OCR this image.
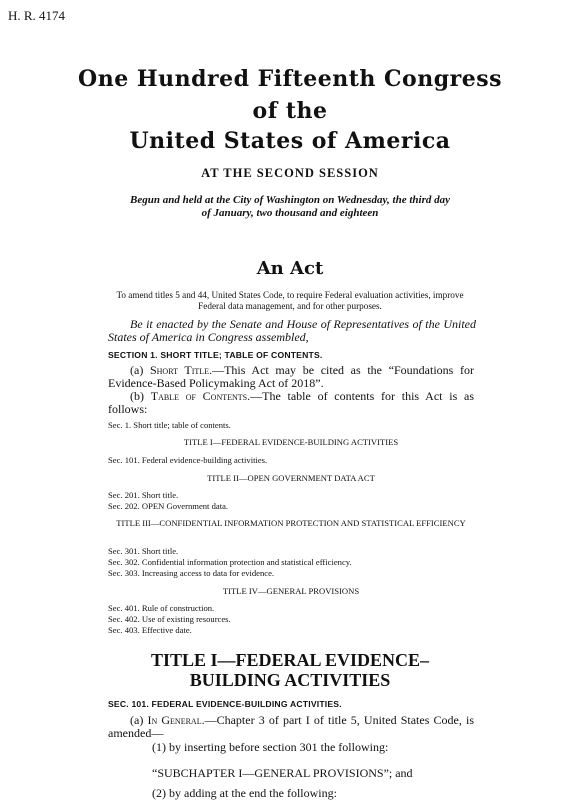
H. R. 4174
One Hundred Fifteenth Congress
of the
United States of America
AT THE SECOND SESSION
Begun and held at the City of Washington on Wednesday, the third day of January, two thousand and eighteen
An Act
To amend titles 5 and 44, United States Code, to require Federal evaluation activities, improve Federal data management, and for other purposes.
Be it enacted by the Senate and House of Representatives of the United States of America in Congress assembled,
SECTION 1. SHORT TITLE; TABLE OF CONTENTS.
(a) Short Title.—This Act may be cited as the “Foundations for Evidence-Based Policymaking Act of 2018”.
(b) Table of Contents.—The table of contents for this Act is as follows:
Sec. 1. Short title; table of contents.
TITLE I—FEDERAL EVIDENCE-BUILDING ACTIVITIES
Sec. 101. Federal evidence-building activities.
TITLE II—OPEN GOVERNMENT DATA ACT
Sec. 201. Short title.
Sec. 202. OPEN Government data.
TITLE III—CONFIDENTIAL INFORMATION PROTECTION AND STATISTICAL EFFICIENCY
Sec. 301. Short title.
Sec. 302. Confidential information protection and statistical efficiency.
Sec. 303. Increasing access to data for evidence.
TITLE IV—GENERAL PROVISIONS
Sec. 401. Rule of construction.
Sec. 402. Use of existing resources.
Sec. 403. Effective date.
TITLE I—FEDERAL EVIDENCE–
BUILDING ACTIVITIES
SEC. 101. FEDERAL EVIDENCE-BUILDING ACTIVITIES.
(a) In General.—Chapter 3 of part I of title 5, United States Code, is amended—
(1) by inserting before section 301 the following:
“SUBCHAPTER I—GENERAL PROVISIONS”; and
(2) by adding at the end the following:
